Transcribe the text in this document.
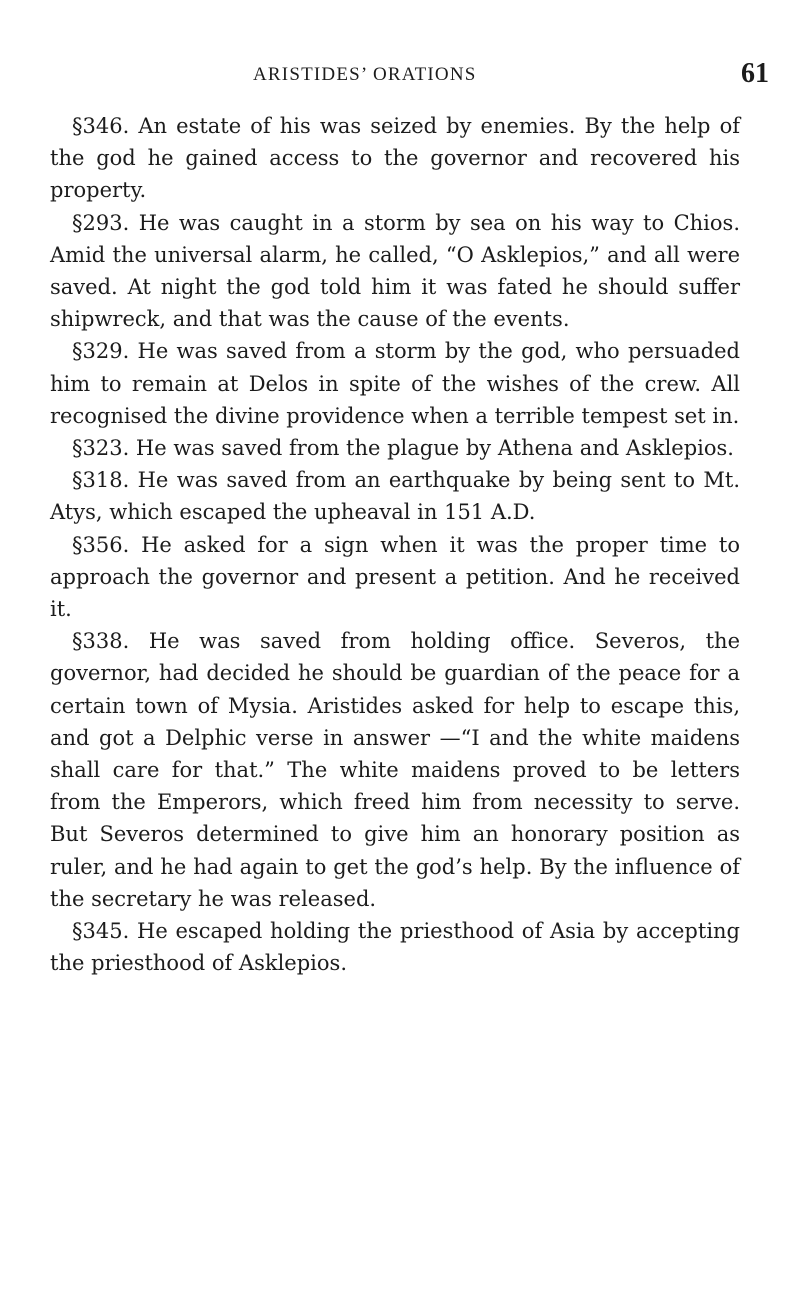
ARISTIDES’ ORATIONS	61

§346. An estate of his was seized by enemies. By the help of the god he gained access to the governor and recovered his property.

§293. He was caught in a storm by sea on his way to Chios. Amid the universal alarm, he called, “O Asklepios,” and all were saved. At night the god told him it was fated he should suffer shipwreck, and that was the cause of the events.

§329. He was saved from a storm by the god, who persuaded him to remain at Delos in spite of the wishes of the crew. All recognised the divine providence when a terrible tempest set in.

§323. He was saved from the plague by Athena and Asklepios.

§318. He was saved from an earthquake by being sent to Mt. Atys, which escaped the upheaval in 151 A.D.

§356. He asked for a sign when it was the proper time to approach the governor and present a petition. And he received it.

§338. He was saved from holding office. Severos, the governor, had decided he should be guardian of the peace for a certain town of Mysia. Aristides asked for help to escape this, and got a Delphic verse in answer —“I and the white maidens shall care for that.” The white maidens proved to be letters from the Emperors, which freed him from necessity to serve. But Severos determined to give him an honorary position as ruler, and he had again to get the god’s help. By the influence of the secretary he was released.

§345. He escaped holding the priesthood of Asia by accepting the priesthood of Asklepios.
